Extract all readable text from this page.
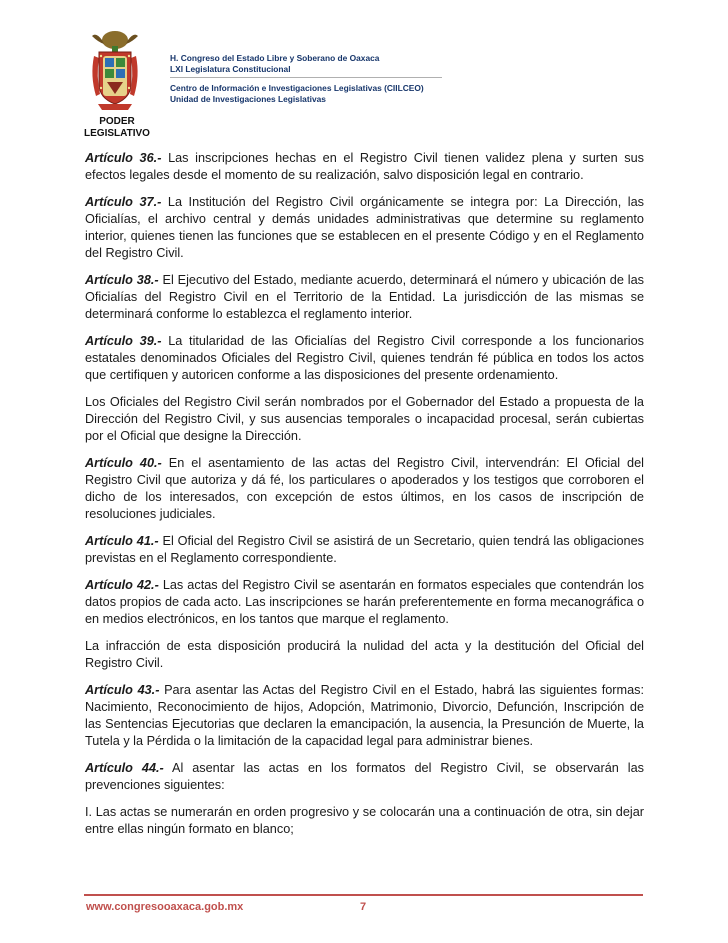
PODER
LEGISLATIVO
H. Congreso del Estado Libre y Soberano de Oaxaca
LXI Legislatura Constitucional
Centro de Información e Investigaciones Legislativas (CIILCEO)
Unidad de Investigaciones Legislativas

Artículo 36.- Las inscripciones hechas en el Registro Civil tienen validez plena y surten sus efectos legales desde el momento de su realización, salvo disposición legal en contrario.

Artículo 37.- La Institución del Registro Civil orgánicamente se integra por: La Dirección, las Oficialías, el archivo central y demás unidades administrativas que determine su reglamento interior, quienes tienen las funciones que se establecen en el presente Código y en el Reglamento del Registro Civil.

Artículo 38.- El Ejecutivo del Estado, mediante acuerdo, determinará el número y ubicación de las Oficialías del Registro Civil en el Territorio de la Entidad. La jurisdicción de las mismas se determinará conforme lo establezca el reglamento interior.

Artículo 39.- La titularidad de las Oficialías del Registro Civil corresponde a los funcionarios estatales denominados Oficiales del Registro Civil, quienes tendrán fé pública en todos los actos que certifiquen y autoricen conforme a las disposiciones del presente ordenamiento.

Los Oficiales del Registro Civil serán nombrados por el Gobernador del Estado a propuesta de la Dirección del Registro Civil, y sus ausencias temporales o incapacidad procesal, serán cubiertas por el Oficial que designe la Dirección.

Artículo 40.- En el asentamiento de las actas del Registro Civil, intervendrán: El Oficial del Registro Civil que autoriza y dá fé, los particulares o apoderados y los testigos que corroboren el dicho de los interesados, con excepción de estos últimos, en los casos de inscripción de resoluciones judiciales.

Artículo 41.- El Oficial del Registro Civil se asistirá de un Secretario, quien tendrá las obligaciones previstas en el Reglamento correspondiente.

Artículo 42.- Las actas del Registro Civil se asentarán en formatos especiales que contendrán los datos propios de cada acto. Las inscripciones se harán preferentemente en forma mecanográfica o en medios electrónicos, en los tantos que marque el reglamento.

La infracción de esta disposición producirá la nulidad del acta y la destitución del Oficial del Registro Civil.

Artículo 43.- Para asentar las Actas del Registro Civil en el Estado, habrá las siguientes formas: Nacimiento, Reconocimiento de hijos, Adopción, Matrimonio, Divorcio, Defunción, Inscripción de las Sentencias Ejecutorias que declaren la emancipación, la ausencia, la Presunción de Muerte, la Tutela y la Pérdida o la limitación de la capacidad legal para administrar bienes.

Artículo 44.- Al asentar las actas en los formatos del Registro Civil, se observarán las prevenciones siguientes:

I. Las actas se numerarán en orden progresivo y se colocarán una a continuación de otra, sin dejar entre ellas ningún formato en blanco;

www.congresooaxaca.gob.mx	7
